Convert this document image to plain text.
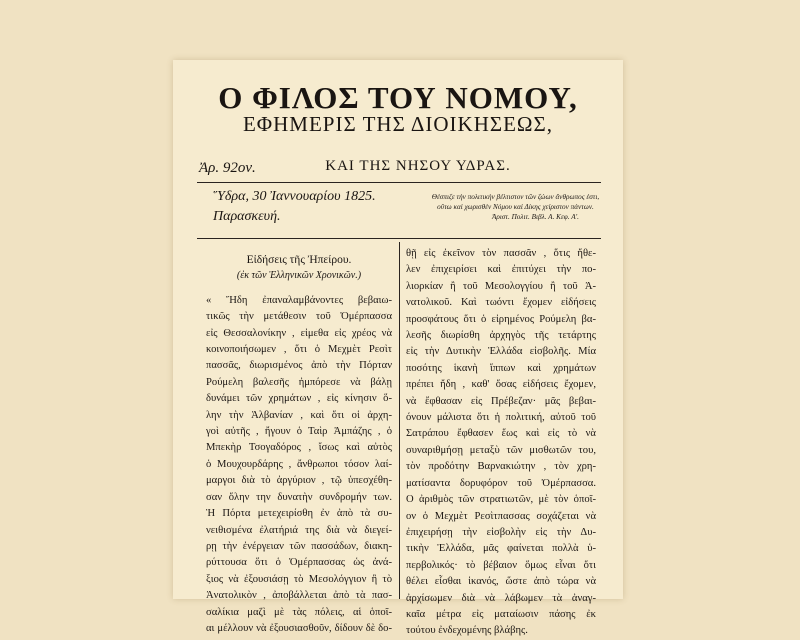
Ο ΦΙΛΟΣ ΤΟΥ ΝΟΜΟΥ,
ΕΦΗΜΕΡΙΣ ΤΗΣ ΔΙΟΙΚΗΣΕΩΣ,
Ἀρ. 92ον.	ΚΑΙ ΤΗΣ ΝΗΣΟΥ ΥΔΡΑΣ.
Ὕδρα, 30 Ἰαννουαρίου 1825.
Παρασκευή.
Θέσπιζε τὴν πολιτικὴν βέλτιστον τῶν ζώων ἄνθρωπος ἐστι,
οὕτω καὶ χωρισθὲν Νόμου καὶ Δίκης χείριστον πάντων.
Ἀριστ. Πολιτ. Βιβλ. Α. Κεφ. Α'.
Εἰδήσεις τῆς Ἠπείρου.
(ἐκ τῶν Ἑλληνικῶν Χρονικῶν.)
« Ἤδη ἐπαναλαμβάνοντες βεβαιω-
τικῶς τὴν μετάθεσιν τοῦ Ὀμέρπασσα
εἰς Θεσσαλονίκην , εἰμεθα εἰς χρέος νὰ
κοινοποιήσωμεν , ὅτι ὁ Μεχμὲτ Ρεσὶτ
πασσᾶς, διωρισμένος ἀπὸ τὴν Πόρταν
Ρούμελη βαλεσῆς ἠμπόρεσε νὰ βάλῃ
δυνάμει τῶν χρημάτων , εἰς κίνησιν ὅ-
λην τὴν Ἀλβανίαν , καὶ ὅτι οἱ ἀρχη-
γοὶ αὐτῆς , ἤγουν ὁ Ταὶρ Ἀμπάζης , ὁ
Μπεκὴρ Τσογαδόρος , ἴσως καὶ αὐτὸς
ὁ Μουχουρδάρης , ἄνθρωποι τόσον λαί-
μαργοι διὰ τὸ ἀργύριον , τῷ ὑπεσχέθη-
σαν ὅλην την δυνατὴν συνδρομήν των.
Ἡ Πόρτα μετεχειρίσθη ἐν ἀπὸ τὰ συ-
νειθισμένα ἐλατήριά της διὰ νὰ διεγεί-
ρῃ τὴν ἐνέργειαν τῶν πασσάδων, διακη-
ρύττουσα ὅτι ὁ Ὀμέρπασσας ὡς ἀνά-
ξιος νὰ ἐξουσιάσῃ τὸ Μεσολόγγιον ἢ τὸ
Ἀνατολικὸν , ἀποβάλλεται ἀπὸ τὰ πασ-
σαλίκια μαζὶ μὲ τὰς πόλεις, αἱ ὁποῖ-
αι μέλλουν νὰ ἐξουσιασθοῦν, δίδουν δὲ δο-
θῇ εἰς ἐκεῖνον τὸν πασσᾶν , ὅτις ἤθε-
λεν ἐπιχειρίσει καὶ ἐπιτύχει τὴν πο-
λιορκίαν ἢ τοῦ Μεσολογγίου ἢ τοῦ Ἀ-
νατολικοῦ. Καὶ τωόντι ἔχομεν εἰδήσεις
προσφάτους ὅτι ὁ εἰρημένος Ρούμελη βα-
λεσῆς διωρίσθη ἀρχηγὸς τῆς τετάρτης
εἰς τὴν Δυτικὴν Ἑλλάδα εἰσβολῆς. Μία
ποσότης ἱκανὴ ἵππων καὶ χρημάτων
πρέπει ἤδη , καθ' ὅσας εἰδήσεις ἔχομεν,
νὰ ἔφθασαν εἰς Πρέβεζαν· μᾶς βεβαι-
όνουν μάλιστα ὅτι ἡ πολιτική, αὐτοῦ τοῦ
Σατράπου ἔφθασεν ἕως καὶ εἰς τὸ νὰ
συναριθμήσῃ μεταξὺ τῶν μισθωτῶν του,
τὸν προδότην Βαρνακιώτην , τὸν χρη-
ματίσαντα δορυφόρον τοῦ Ὀμέρπασσα.
Ο ἀριθμὸς τῶν στρατιωτῶν, μὲ τὸν ὁποῖ-
ον ὁ Μεχμὲτ Ρεσὶτπασσας σοχάζεται νὰ
ἐπιχειρήσῃ τὴν εἰσβολὴν εἰς τὴν Δυ-
τικὴν Ἑλλάδα, μᾶς φαίνεται πολλὰ ὑ-
περβολικός· τὸ βέβαιον ὅμως εἶναι ὅτι
θέλει εἶσθαι ἱκανός, ὥστε ἀπὸ τώρα νὰ
ἀρχίσωμεν διὰ νὰ λάβωμεν τὰ ἀναγ-
καῖα μέτρα εἰς ματαίωσιν πάσης ἐκ
τούτου ἐνδεχομένης βλάβης.
